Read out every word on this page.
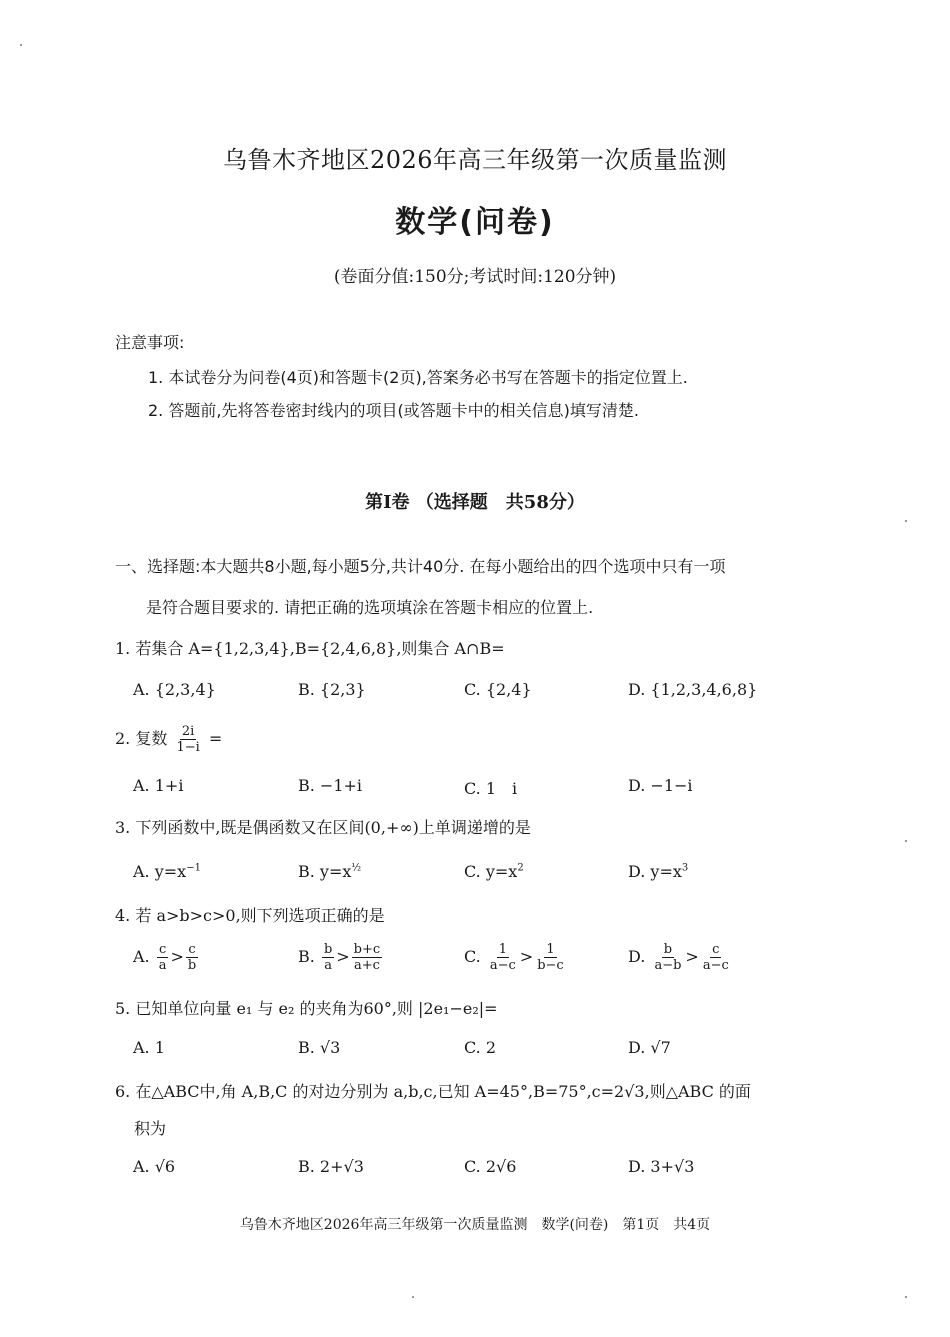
乌鲁木齐地区2026年高三年级第一次质量监测
数学(问卷)
(卷面分值:150分;考试时间:120分钟)
注意事项:
1. 本试卷分为问卷(4页)和答题卡(2页),答案务必书写在答题卡的指定位置上.
2. 答题前,先将答卷密封线内的项目(或答题卡中的相关信息)填写清楚.
第Ⅰ卷 （选择题　共58分）
一、选择题:本大题共8小题,每小题5分,共计40分. 在每小题给出的四个选项中只有一项
是符合题目要求的. 请把正确的选项填涂在答题卡相应的位置上.
1. 若集合 A={1,2,3,4},B={2,4,6,8},则集合 A∩B=
A. {2,3,4}	B. {2,3}	C. {2,4}	D. {1,2,3,4,6,8}
2. 复数 $\frac{2i}{1-i}$ =
A. 1+i	B. −1+i	C. 1　i	D. −1−i
3. 下列函数中,既是偶函数又在区间(0,+∞)上单调递增的是
A. $y=x^{-1}$	B. $y=x^{\frac{1}{2}}$	C. $y=x^2$	D. $y=x^3$
4. 若 a>b>c>0,则下列选项正确的是
A. $\frac{c}{a} > \frac{c}{b}$	B. $\frac{b}{a} > \frac{b+c}{a+c}$	C. $\frac{1}{a-c} > \frac{1}{b-c}$	D. $\frac{b}{a-b} > \frac{c}{a-c}$
5. 已知单位向量 e₁ 与 e₂ 的夹角为60°,则 |2e₁−e₂|=
A. 1	B. √3	C. 2	D. √7
6. 在△ABC中,角 A,B,C 的对边分别为 a,b,c,已知 A=45°,B=75°,c=2√3,则△ABC 的面
积为
A. √6	B. 2+√3	C. 2√6	D. 3+√3
乌鲁木齐地区2026年高三年级第一次质量监测　数学(问卷)　第1页　共4页
